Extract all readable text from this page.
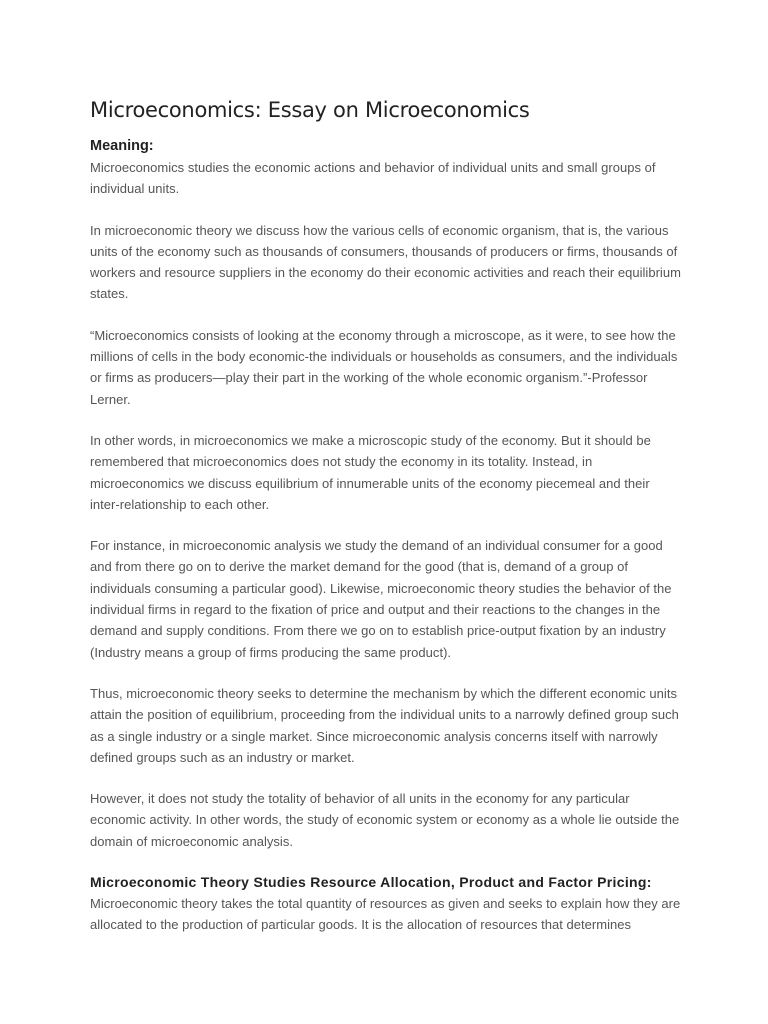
Microeconomics: Essay on Microeconomics
Meaning:

Microeconomics studies the economic actions and behavior of individual units and small groups of individual units.

In microeconomic theory we discuss how the various cells of economic organism, that is, the various units of the economy such as thousands of consumers, thousands of producers or firms, thousands of workers and resource suppliers in the economy do their economic activities and reach their equilibrium states.

“Microeconomics consists of looking at the economy through a microscope, as it were, to see how the millions of cells in the body economic-the individuals or households as consumers, and the individuals or firms as producers—play their part in the working of the whole economic organism.”-Professor Lerner.

In other words, in microeconomics we make a microscopic study of the economy. But it should be remembered that microeconomics does not study the economy in its totality. Instead, in microeconomics we discuss equilibrium of innumerable units of the economy piecemeal and their inter-relationship to each other.

For instance, in microeconomic analysis we study the demand of an individual consumer for a good and from there go on to derive the market demand for the good (that is, demand of a group of individuals consuming a particular good). Likewise, microeconomic theory studies the behavior of the individual firms in regard to the fixation of price and output and their reactions to the changes in the demand and supply conditions. From there we go on to establish price-output fixation by an industry (Industry means a group of firms producing the same product).

Thus, microeconomic theory seeks to determine the mechanism by which the different economic units attain the position of equilibrium, proceeding from the individual units to a narrowly defined group such as a single industry or a single market. Since microeconomic analysis concerns itself with narrowly defined groups such as an industry or market.

However, it does not study the totality of behavior of all units in the economy for any particular economic activity. In other words, the study of economic system or economy as a whole lie outside the domain of microeconomic analysis.

Microeconomic Theory Studies Resource Allocation, Product and Factor Pricing:

Microeconomic theory takes the total quantity of resources as given and seeks to explain how they are allocated to the production of particular goods. It is the allocation of resources that determines
